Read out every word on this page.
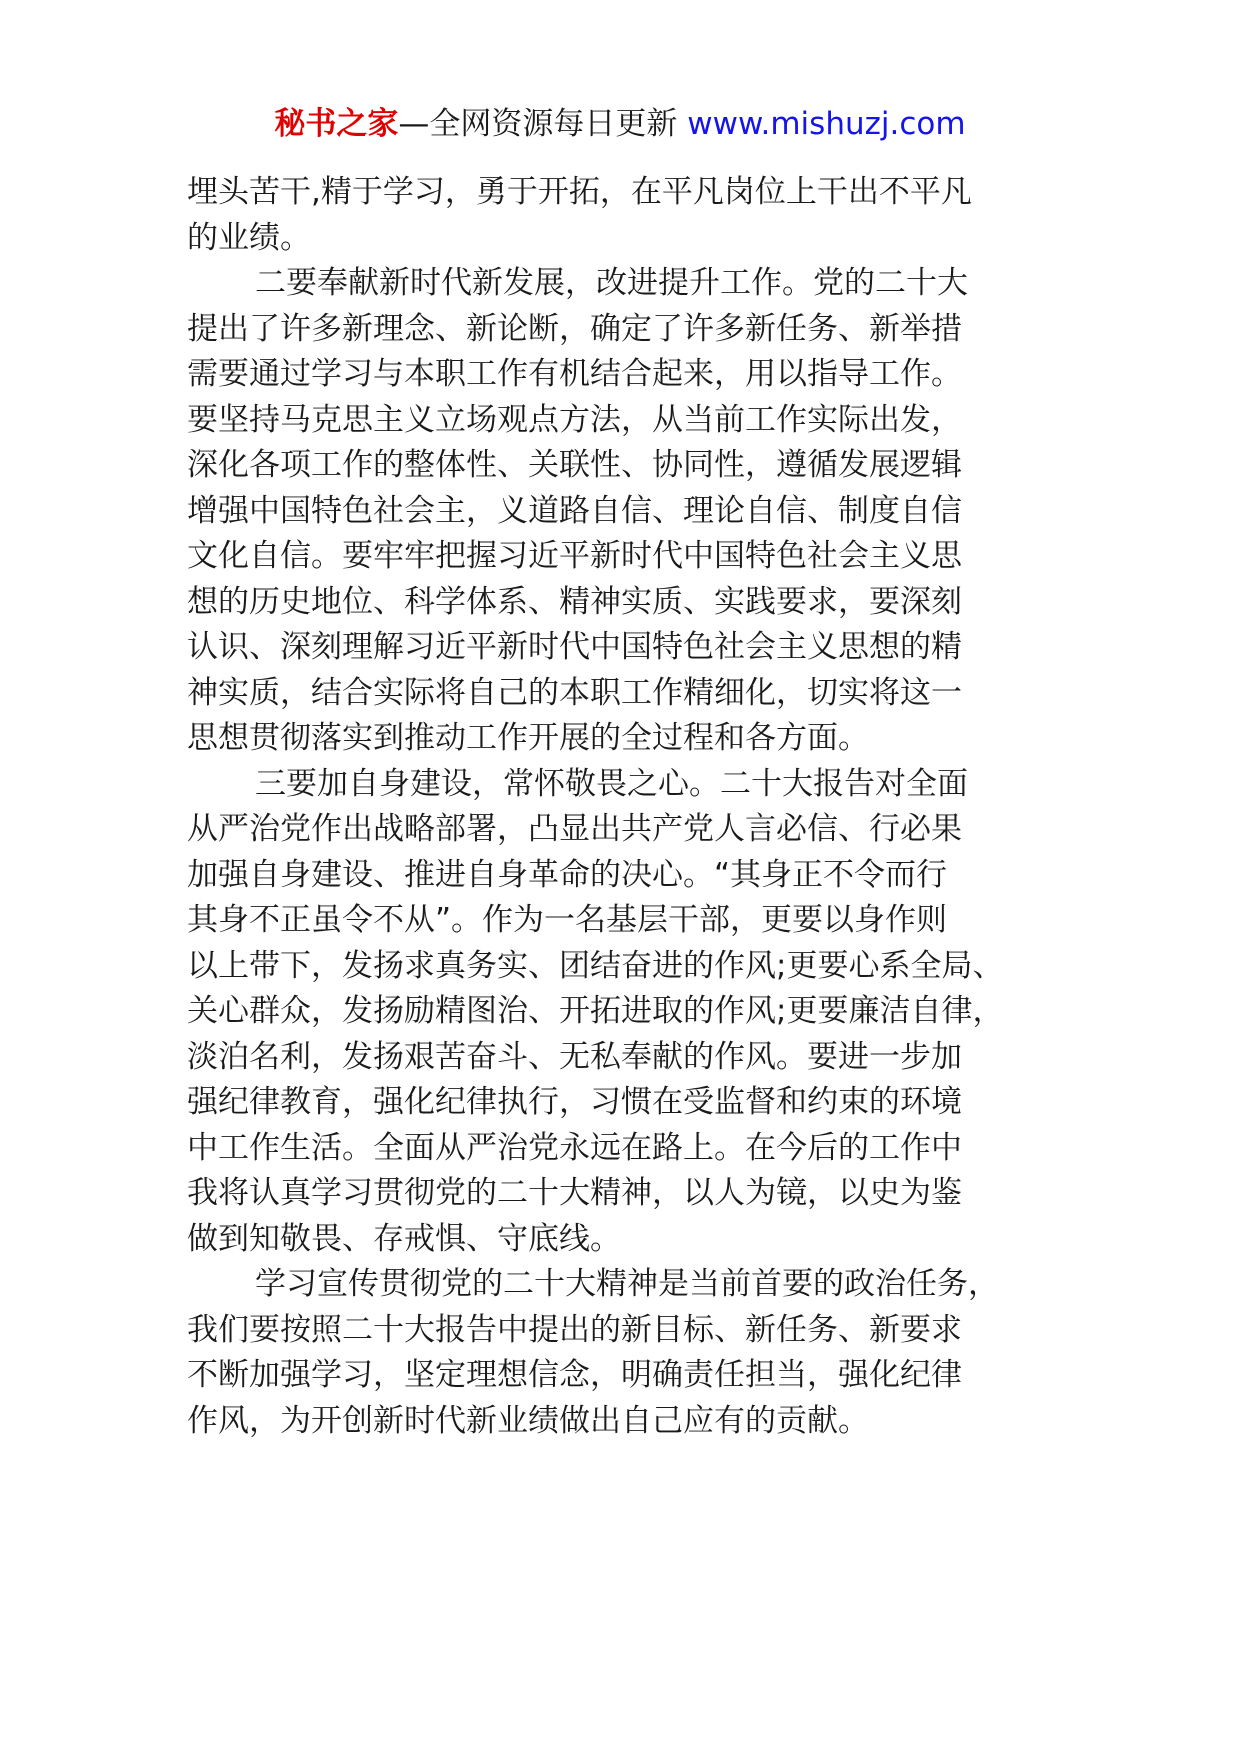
秘书之家—全网资源每日更新 www.mishuzj.com

埋头苦干,精于学习，勇于开拓，在平凡岗位上干出不平凡
的业绩。

二要奉献新时代新发展，改进提升工作。党的二十大
提出了许多新理念、新论断，确定了许多新任务、新举措
需要通过学习与本职工作有机结合起来，用以指导工作。
要坚持马克思主义立场观点方法，从当前工作实际出发，
深化各项工作的整体性、关联性、协同性，遵循发展逻辑
增强中国特色社会主，义道路自信、理论自信、制度自信
文化自信。要牢牢把握习近平新时代中国特色社会主义思
想的历史地位、科学体系、精神实质、实践要求，要深刻
认识、深刻理解习近平新时代中国特色社会主义思想的精
神实质，结合实际将自己的本职工作精细化，切实将这一
思想贯彻落实到推动工作开展的全过程和各方面。

三要加自身建设，常怀敬畏之心。二十大报告对全面
从严治党作出战略部署，凸显出共产党人言必信、行必果
加强自身建设、推进自身革命的决心。“其身正不令而行
其身不正虽令不从”。作为一名基层干部，更要以身作则
以上带下，发扬求真务实、团结奋进的作风;更要心系全局、
关心群众，发扬励精图治、开拓进取的作风;更要廉洁自律，
淡泊名利，发扬艰苦奋斗、无私奉献的作风。要进一步加
强纪律教育，强化纪律执行，习惯在受监督和约束的环境
中工作生活。全面从严治党永远在路上。在今后的工作中
我将认真学习贯彻党的二十大精神，以人为镜，以史为鉴
做到知敬畏、存戒惧、守底线。

学习宣传贯彻党的二十大精神是当前首要的政治任务，
我们要按照二十大报告中提出的新目标、新任务、新要求
不断加强学习，坚定理想信念，明确责任担当，强化纪律
作风，为开创新时代新业绩做出自己应有的贡献。
